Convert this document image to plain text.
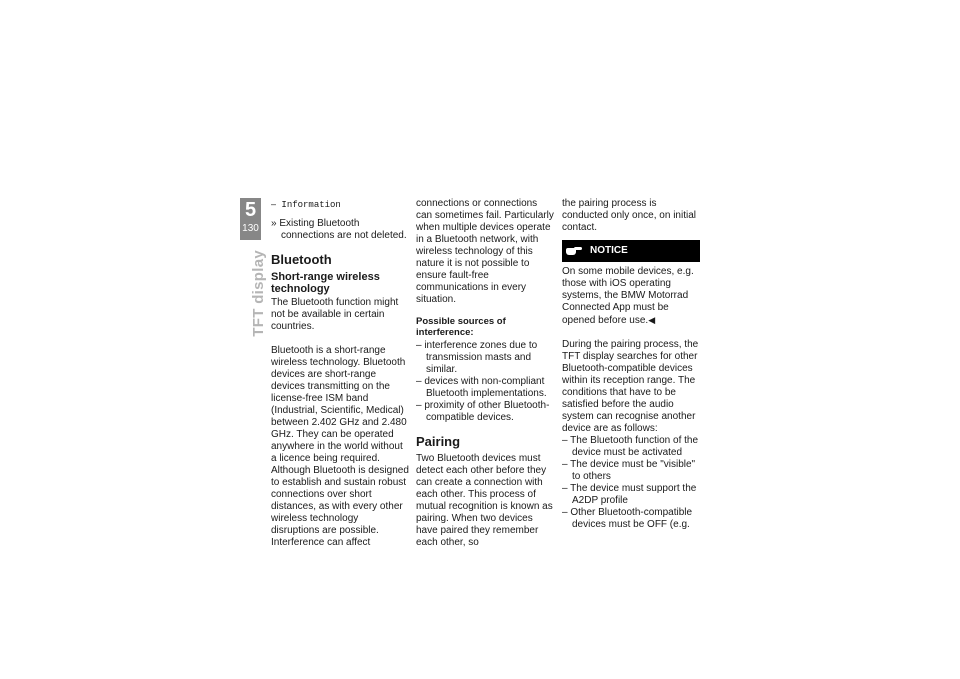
5
130
TFT display

– Information

» Existing Bluetooth connections are not deleted.

Bluetooth
Short-range wireless technology

The Bluetooth function might not be available in certain countries.

Bluetooth is a short-range wireless technology. Bluetooth devices are short-range devices transmitting on the license-free ISM band (Industrial, Scientific, Medical) between 2.402 GHz and 2.480 GHz. They can be operated anywhere in the world without a licence being required. Although Bluetooth is designed to establish and sustain robust connections over short distances, as with every other wireless technology disruptions are possible. Interference can affect

connections or connections can sometimes fail. Particularly when multiple devices operate in a Bluetooth network, with wireless technology of this nature it is not possible to ensure fault-free communications in every situation.

Possible sources of interference:

– interference zones due to transmission masts and similar.

– devices with non-compliant Bluetooth implementations.

– proximity of other Bluetooth-compatible devices.

Pairing

Two Bluetooth devices must detect each other before they can create a connection with each other. This process of mutual recognition is known as pairing. When two devices have paired they remember each other, so

the pairing process is conducted only once, on initial contact.

NOTICE

On some mobile devices, e.g. those with iOS operating systems, the BMW Motorrad Connected App must be opened before use.◀

During the pairing process, the TFT display searches for other Bluetooth-compatible devices within its reception range. The conditions that have to be satisfied before the audio system can recognise another device are as follows:

– The Bluetooth function of the device must be activated

– The device must be "visible" to others

– The device must support the A2DP profile

– Other Bluetooth-compatible devices must be OFF (e.g.
